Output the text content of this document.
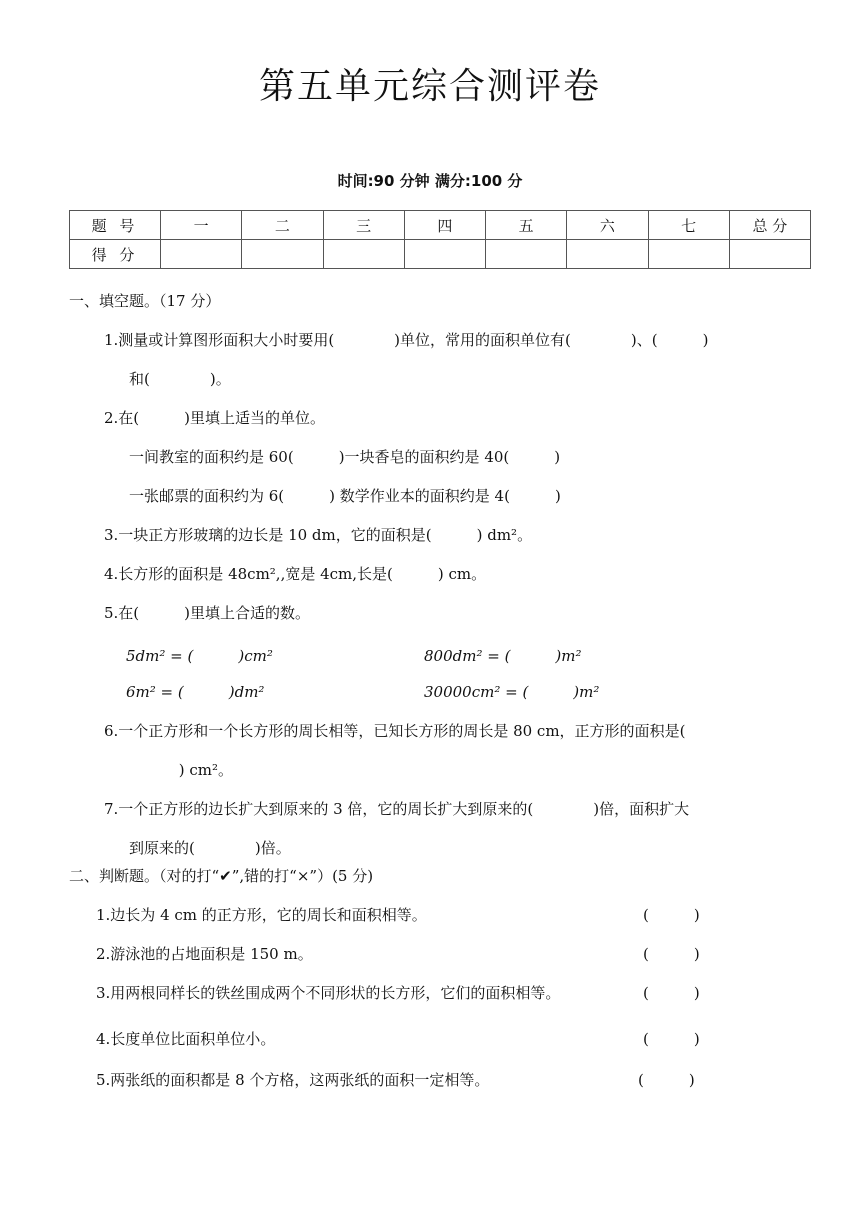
第五单元综合测评卷
时间:90 分钟 满分:100 分
题 号	一	二	三	四	五	六	七	总 分
得 分								
一、填空题。（17 分）
1.测量或计算图形面积大小时要用(　　　　)单位，常用的面积单位有(　　　　)、(　　　)
和(　　　　)。
2.在(　　　)里填上适当的单位。
一间教室的面积约是 60(　　　)一块香皂的面积约是 40(　　　)
一张邮票的面积约为 6(　　　) 数学作业本的面积约是 4(　　　)
3.一块正方形玻璃的边长是 10 dm，它的面积是(　　　) dm²。
4.长方形的面积是 48cm²,,宽是 4cm,长是(　　　) cm。
5.在(　　　)里填上合适的数。
5dm² = (　　　)cm²	800dm² = (　　　)m²
6m² = (　　　)dm²	30000cm² = (　　　)m²
6.一个正方形和一个长方形的周长相等，已知长方形的周长是 80 cm，正方形的面积是(
　　　 ) cm²。
7.一个正方形的边长扩大到原来的 3 倍，它的周长扩大到原来的(　　　　)倍，面积扩大
到原来的(　　　　)倍。
二、判断题。（对的打“✔”,错的打“×”）(5 分)
1.边长为 4 cm 的正方形，它的周长和面积相等。	(　　　)
2.游泳池的占地面积是 150 m。	(　　　)
3.用两根同样长的铁丝围成两个不同形状的长方形，它们的面积相等。	(　　　)
4.长度单位比面积单位小。	(　　　)
5.两张纸的面积都是 8 个方格，这两张纸的面积一定相等。	(　　　)
